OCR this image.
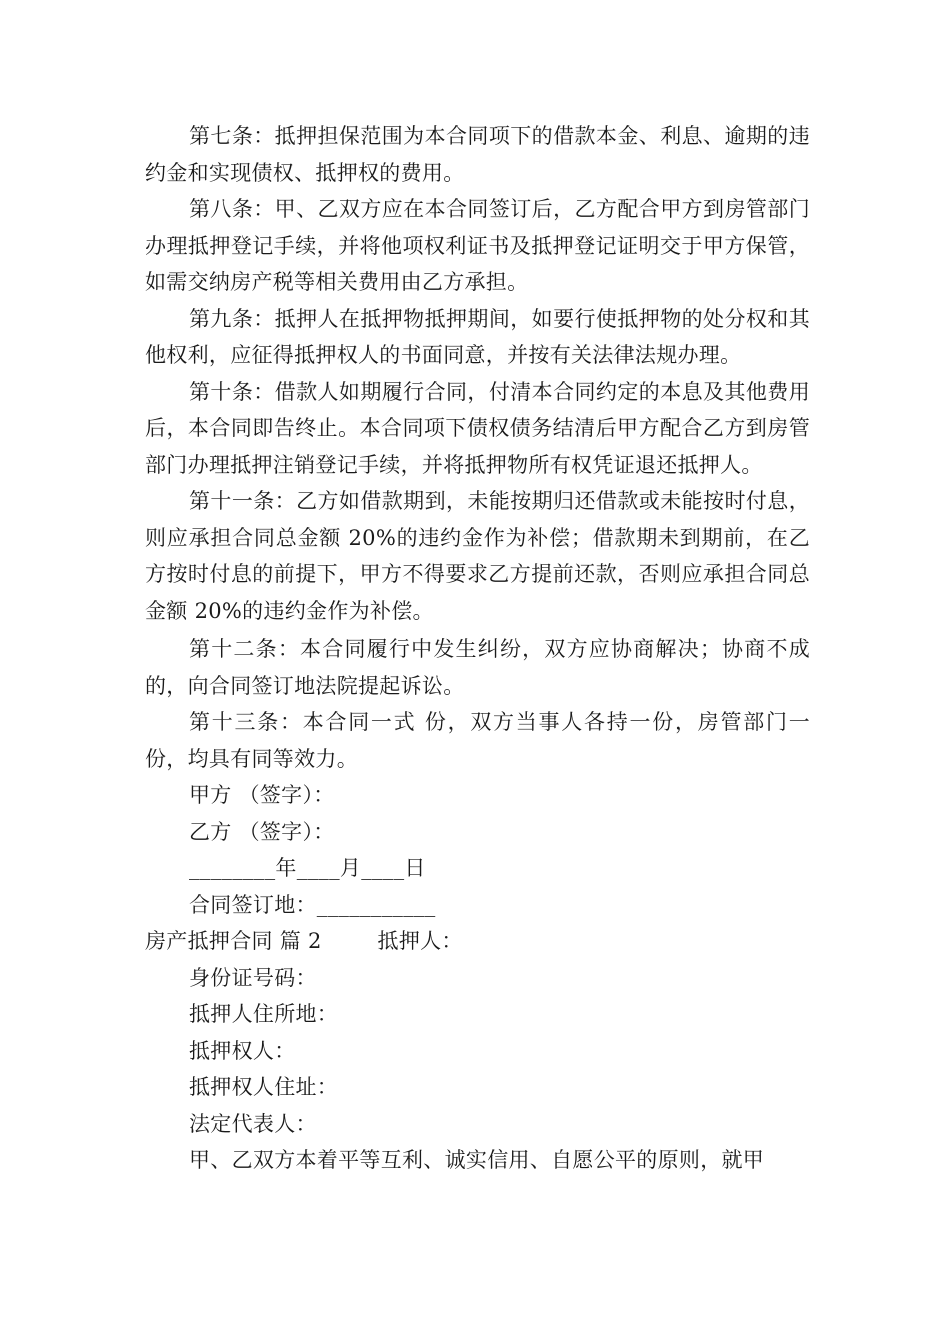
第七条：抵押担保范围为本合同项下的借款本金、利息、逾期的违约金和实现债权、抵押权的费用。

第八条：甲、乙双方应在本合同签订后，乙方配合甲方到房管部门办理抵押登记手续，并将他项权利证书及抵押登记证明交于甲方保管，如需交纳房产税等相关费用由乙方承担。

第九条：抵押人在抵押物抵押期间，如要行使抵押物的处分权和其他权利，应征得抵押权人的书面同意，并按有关法律法规办理。

第十条：借款人如期履行合同，付清本合同约定的本息及其他费用后，本合同即告终止。本合同项下债权债务结清后甲方配合乙方到房管部门办理抵押注销登记手续，并将抵押物所有权凭证退还抵押人。

第十一条：乙方如借款期到，未能按期归还借款或未能按时付息，则应承担合同总金额 20%的违约金作为补偿；借款期未到期前，在乙方按时付息的前提下，甲方不得要求乙方提前还款，否则应承担合同总金额 20%的违约金作为补偿。

第十二条：本合同履行中发生纠纷，双方应协商解决；协商不成的，向合同签订地法院提起诉讼。

第十三条：本合同一式 份，双方当事人各持一份，房管部门一份，均具有同等效力。

甲方 （签字）：

乙方 （签字）：

________年____月____日

合同签订地：___________

房产抵押合同 篇 2        抵押人：

身份证号码：

抵押人住所地：

抵押权人：

抵押权人住址：

法定代表人：

甲、乙双方本着平等互利、诚实信用、自愿公平的原则，就甲
